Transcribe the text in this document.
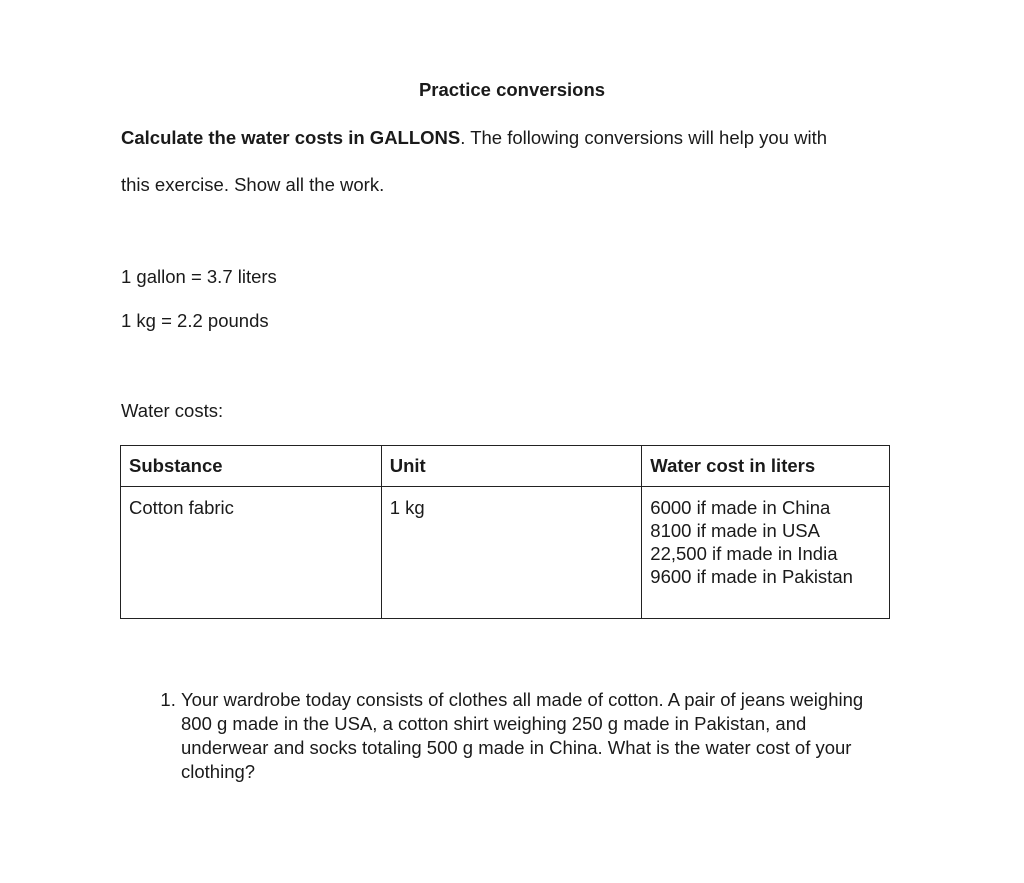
Practice conversions
Calculate the water costs in GALLONS. The following conversions will help you with
this exercise. Show all the work.
1 gallon = 3.7 liters
1 kg = 2.2 pounds
Water costs:
Substance	Unit	Water cost in liters
Cotton fabric	1 kg	6000 if made in China
8100 if made in USA
22,500 if made in India
9600 if made in Pakistan
1. Your wardrobe today consists of clothes all made of cotton. A pair of jeans weighing 800 g made in the USA, a cotton shirt weighing 250 g made in Pakistan, and underwear and socks totaling 500 g made in China. What is the water cost of your clothing?
